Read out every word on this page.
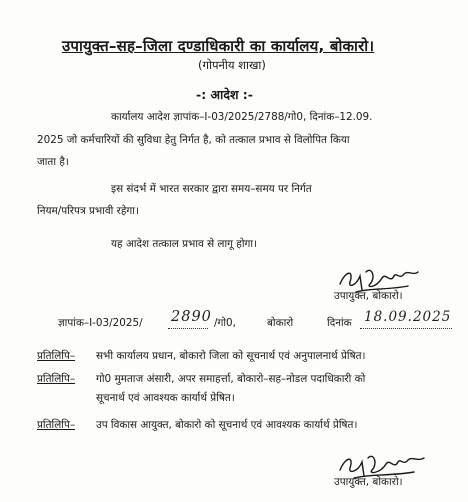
उपायुक्त–सह–जिला दण्डाधिकारी का कार्यालय, बोकारो।
(गोपनीय शाखा)
-: आदेश :-
कार्यालय आदेश ज्ञापांक–I-03/2025/2788/गो0, दिनांक–12.09.
2025 जो कर्मचारियों की सुविधा हेतु निर्गत है, को तत्काल प्रभाव से विलोपित किया
जाता है।
इस संदर्भ में भारत सरकार द्वारा समय–समय पर निर्गत
नियम/परिपत्र प्रभावी रहेगा।
यह आदेश तत्काल प्रभाव से लागू होगा।
उपायुक्त, बोकारो।
ज्ञापांक–I-03/2025/ 2890 /गो0,	बोकारो	दिनांक 18.09.2025
प्रतिलिपि– सभी कार्यालय प्रधान, बोकारो जिला को सूचनार्थ एवं अनुपालनार्थ प्रेषित।
प्रतिलिपि– गो0 मुमताज अंसारी, अपर समाहर्त्ता, बोकारो–सह–नोडल पदाधिकारी को
सूचनार्थ एवं आवश्यक कार्यार्थ प्रेषित।
प्रतिलिपि– उप विकास आयुक्त, बोकारो को सूचनार्थ एवं आवश्यक कार्यार्थ प्रेषित।
उपायुक्त, बोकारो।
